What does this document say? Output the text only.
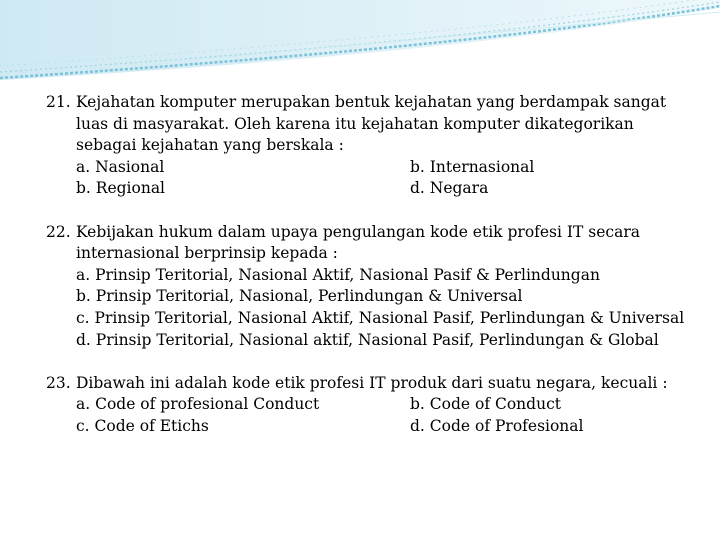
21. Kejahatan komputer merupakan bentuk kejahatan yang berdampak sangat
luas di masyarakat. Oleh karena itu kejahatan komputer dikategorikan
sebagai kejahatan yang berskala :
a. Nasional	b. Internasional
b. Regional	d. Negara
22. Kebijakan hukum dalam upaya pengulangan kode etik profesi IT secara
internasional berprinsip kepada :
a. Prinsip Teritorial, Nasional Aktif, Nasional Pasif & Perlindungan
b. Prinsip Teritorial, Nasional, Perlindungan & Universal
c. Prinsip Teritorial, Nasional Aktif, Nasional Pasif, Perlindungan & Universal
d. Prinsip Teritorial, Nasional aktif, Nasional Pasif, Perlindungan & Global
23. Dibawah ini adalah kode etik profesi IT produk dari suatu negara, kecuali :
a. Code of profesional Conduct	b. Code of Conduct
c. Code of Etichs	d. Code of Profesional
